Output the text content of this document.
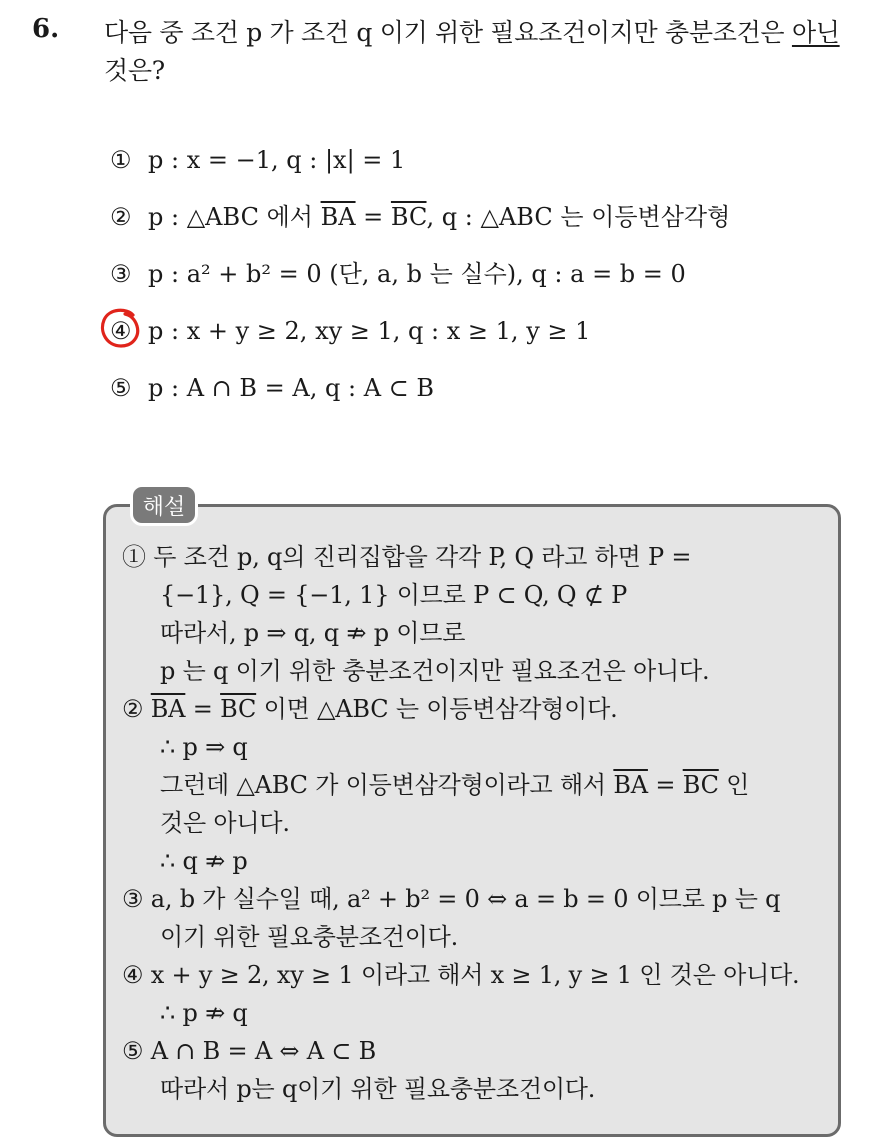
6. 다음 중 조건 p 가 조건 q 이기 위한 필요조건이지만 충분조건은 아닌
것은?
① p : x = −1, q : |x| = 1
② p : △ABC 에서 $\overline{BA} = \overline{BC}$, q : △ABC 는 이등변삼각형
③ p : a² + b² = 0 (단, a, b 는 실수), q : a = b = 0
④ p : x + y ≥ 2, xy ≥ 1, q : x ≥ 1, y ≥ 1
⑤ p : A ∩ B = A, q : A ⊂ B
해설
① 두 조건 p, q의 진리집합을 각각 P, Q 라고 하면 P =
{−1}, Q = {−1, 1} 이므로 P ⊂ Q, Q ⊄ P
따라서, p ⇒ q, q ⇏ p 이므로
p 는 q 이기 위한 충분조건이지만 필요조건은 아니다.
② $\overline{BA} = \overline{BC}$ 이면 △ABC 는 이등변삼각형이다.
∴ p ⇒ q
그런데 △ABC 가 이등변삼각형이라고 해서 $\overline{BA} = \overline{BC}$ 인
것은 아니다.
∴ q ⇏ p
③ a, b 가 실수일 때, a² + b² = 0 ⇔ a = b = 0 이므로 p 는 q
이기 위한 필요충분조건이다.
④ x + y ≥ 2, xy ≥ 1 이라고 해서 x ≥ 1, y ≥ 1 인 것은 아니다.
∴ p ⇏ q
⑤ A ∩ B = A ⇔ A ⊂ B
따라서 p는 q이기 위한 필요충분조건이다.
